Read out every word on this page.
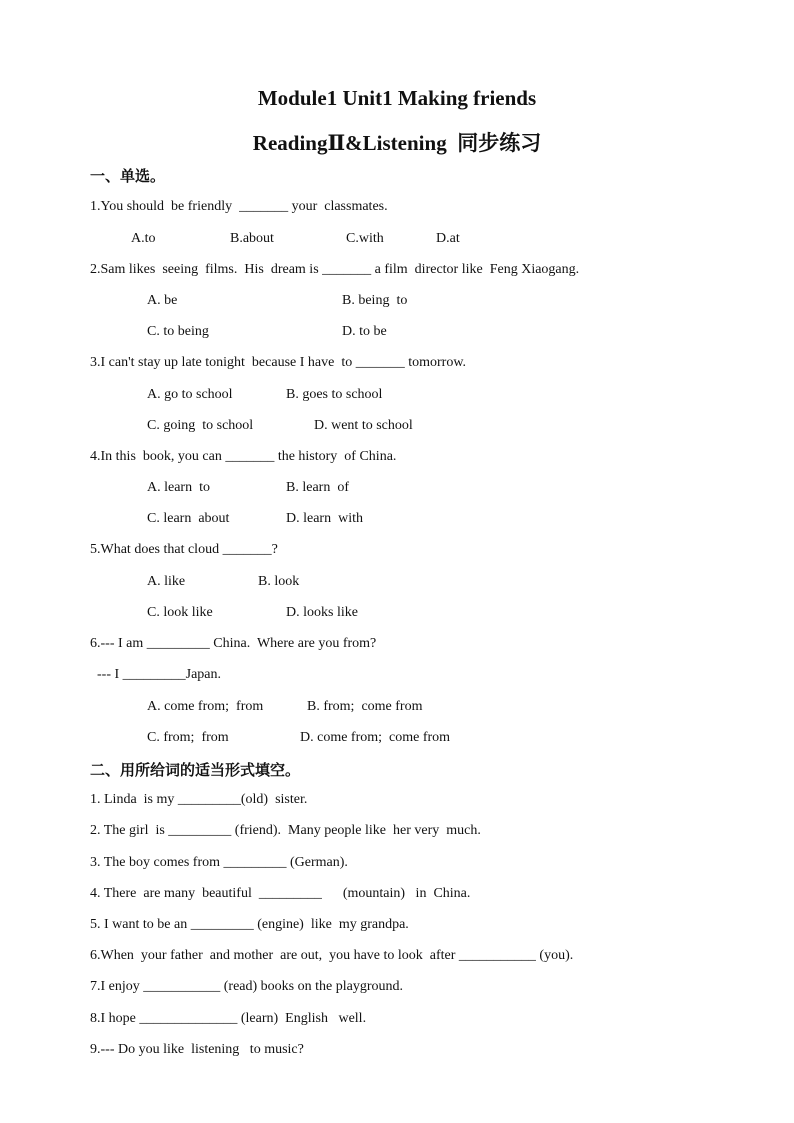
Module1 Unit1 Making friends
ReadingⅡ&Listening  同步练习
一、单选。
1.You should  be friendly  _______ your  classmates.
A.to	B.about	C.with	D.at
2.Sam likes  seeing  films.  His  dream is _______ a film  director like  Feng Xiaogang.
A. be	B. being  to
C. to being	D. to be
3.I can't stay up late tonight  because I have  to _______ tomorrow.
A. go to school	B. goes to school
C. going  to school	D. went to school
4.In this  book, you can _______ the history  of China.
A. learn  to	B. learn  of
C. learn  about	D. learn  with
5.What does that cloud _______?
A. like	B. look
C. look like	D. looks like
6.--- I am _________ China.  Where are you from?
--- I _________Japan.
A. come from;  from	B. from;  come from
C. from;  from	D. come from;  come from
二、用所给词的适当形式填空。
1. Linda  is my _________(old)  sister.
2. The girl  is _________ (friend).  Many people like  her very  much.
3. The boy comes from _________ (German).
4. There  are many  beautiful  _________      (mountain)   in  China.
5. I want to be an _________ (engine)  like  my grandpa.
6.When  your father  and mother  are out,  you have to look  after ___________ (you).
7.I enjoy ___________ (read) books on the playground.
8.I hope ______________ (learn)  English   well.
9.--- Do you like  listening   to music?
